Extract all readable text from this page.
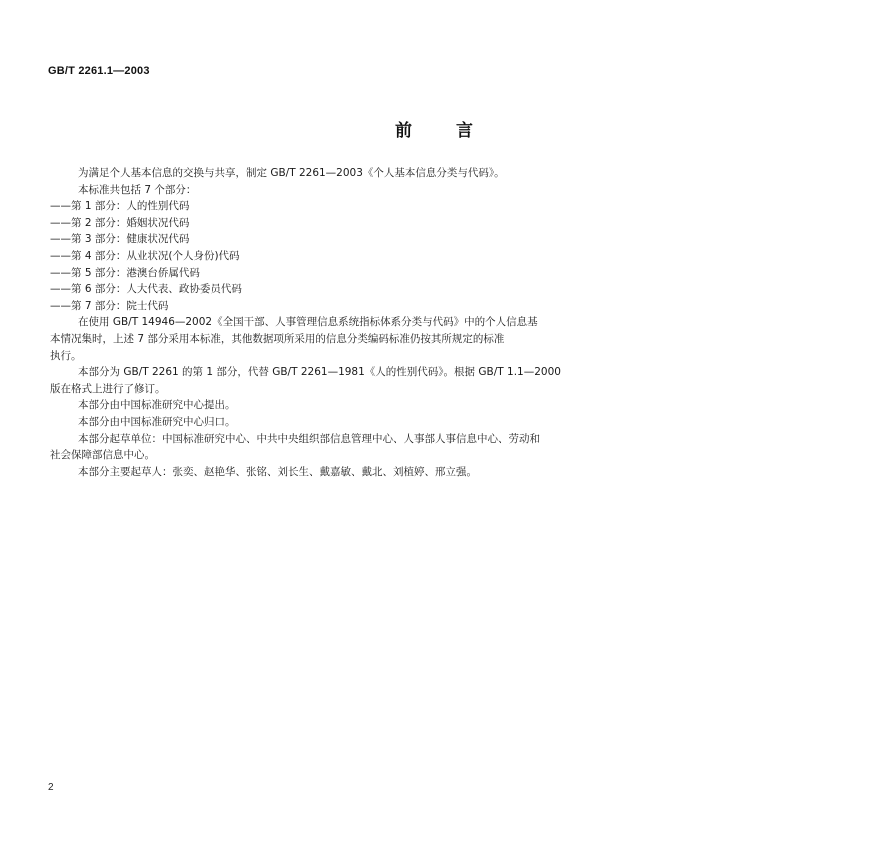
GB/T 2261.1—2003
前 言

为满足个人基本信息的交换与共享，制定 GB/T 2261—2003《个人基本信息分类与代码》。

本标准共包括 7 个部分：

——第 1 部分：人的性别代码

——第 2 部分：婚姻状况代码

——第 3 部分：健康状况代码

——第 4 部分：从业状况(个人身份)代码

——第 5 部分：港澳台侨属代码

——第 6 部分：人大代表、政协委员代码

——第 7 部分：院士代码

在使用 GB/T 14946—2002《全国干部、人事管理信息系统指标体系分类与代码》中的个人信息基

本情况集时，上述 7 部分采用本标准，其他数据项所采用的信息分类编码标准仍按其所规定的标准

执行。

本部分为 GB/T 2261 的第 1 部分，代替 GB/T 2261—1981《人的性别代码》。根据 GB/T 1.1—2000

版在格式上进行了修订。

本部分由中国标准研究中心提出。

本部分由中国标准研究中心归口。

本部分起草单位：中国标准研究中心、中共中央组织部信息管理中心、人事部人事信息中心、劳动和

社会保障部信息中心。

本部分主要起草人：张奕、赵艳华、张铭、刘长生、戴嘉敏、戴北、刘植婷、邢立强。

2
